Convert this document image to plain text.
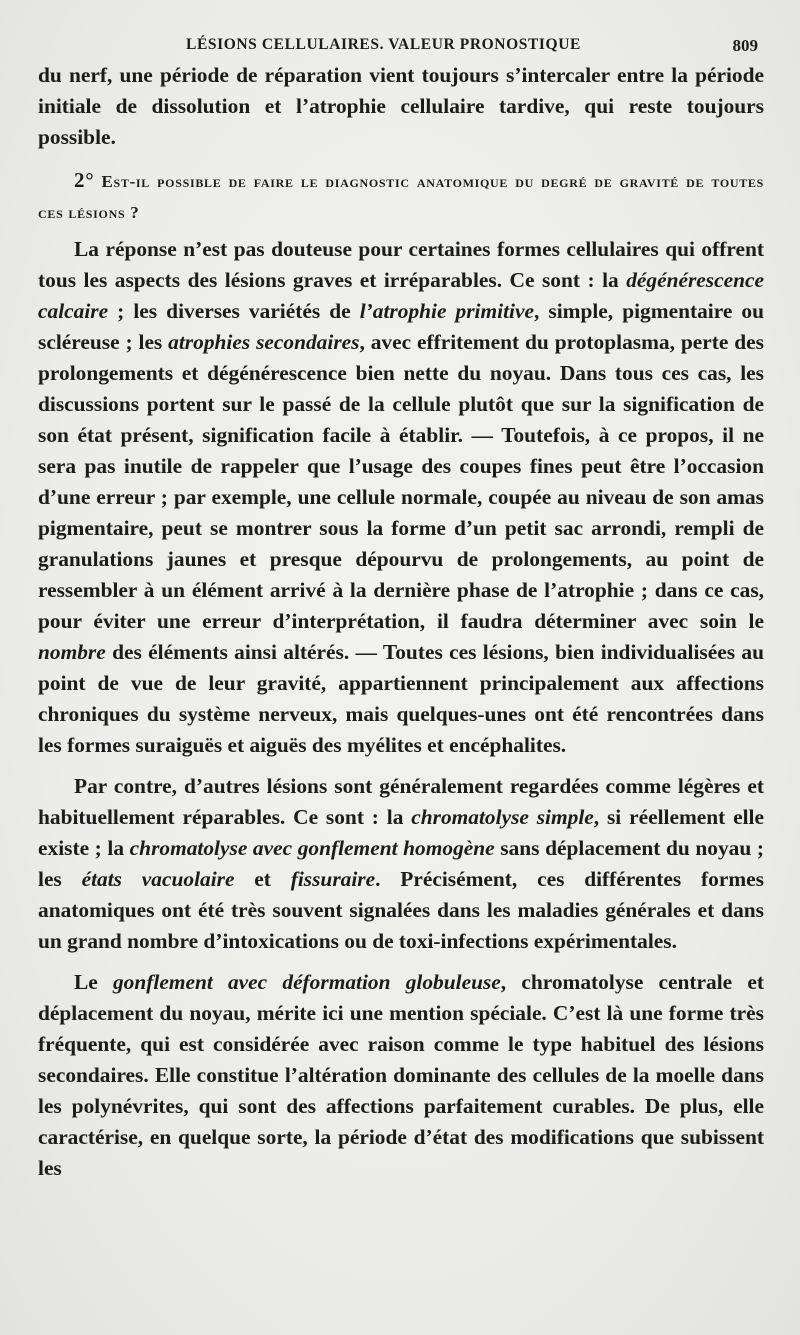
LÉSIONS CELLULAIRES. VALEUR PRONOSTIQUE	809

du nerf, une période de réparation vient toujours s’intercaler entre la période initiale de dissolution et l’atrophie cellulaire tardive, qui reste toujours possible.

2° Est-il possible de faire le diagnostic anatomique du degré de gravité de toutes ces lésions ?

La réponse n’est pas douteuse pour certaines formes cellulaires qui offrent tous les aspects des lésions graves et irréparables. Ce sont : la dégénérescence calcaire ; les diverses variétés de l’atrophie primitive, simple, pigmentaire ou scléreuse ; les atrophies secondaires, avec effritement du protoplasma, perte des prolongements et dégénérescence bien nette du noyau. Dans tous ces cas, les discussions portent sur le passé de la cellule plutôt que sur la signification de son état présent, signification facile à établir. — Toutefois, à ce propos, il ne sera pas inutile de rappeler que l’usage des coupes fines peut être l’occasion d’une erreur ; par exemple, une cellule normale, coupée au niveau de son amas pigmentaire, peut se montrer sous la forme d’un petit sac arrondi, rempli de granulations jaunes et presque dépourvu de prolongements, au point de ressembler à un élément arrivé à la dernière phase de l’atrophie ; dans ce cas, pour éviter une erreur d’interprétation, il faudra déterminer avec soin le nombre des éléments ainsi altérés. — Toutes ces lésions, bien individualisées au point de vue de leur gravité, appartiennent principalement aux affections chroniques du système nerveux, mais quelques-unes ont été rencontrées dans les formes suraiguës et aiguës des myélites et encéphalites.

Par contre, d’autres lésions sont généralement regardées comme légères et habituellement réparables. Ce sont : la chromatolyse simple, si réellement elle existe ; la chromatolyse avec gonflement homogène sans déplacement du noyau ; les états vacuolaire et fissuraire. Précisément, ces différentes formes anatomiques ont été très souvent signalées dans les maladies générales et dans un grand nombre d’intoxications ou de toxi-infections expérimentales.

Le gonflement avec déformation globuleuse, chromatolyse centrale et déplacement du noyau, mérite ici une mention spéciale. C’est là une forme très fréquente, qui est considérée avec raison comme le type habituel des lésions secondaires. Elle constitue l’altération dominante des cellules de la moelle dans les polynévrites, qui sont des affections parfaitement curables. De plus, elle caractérise, en quelque sorte, la période d’état des modifications que subissent les
